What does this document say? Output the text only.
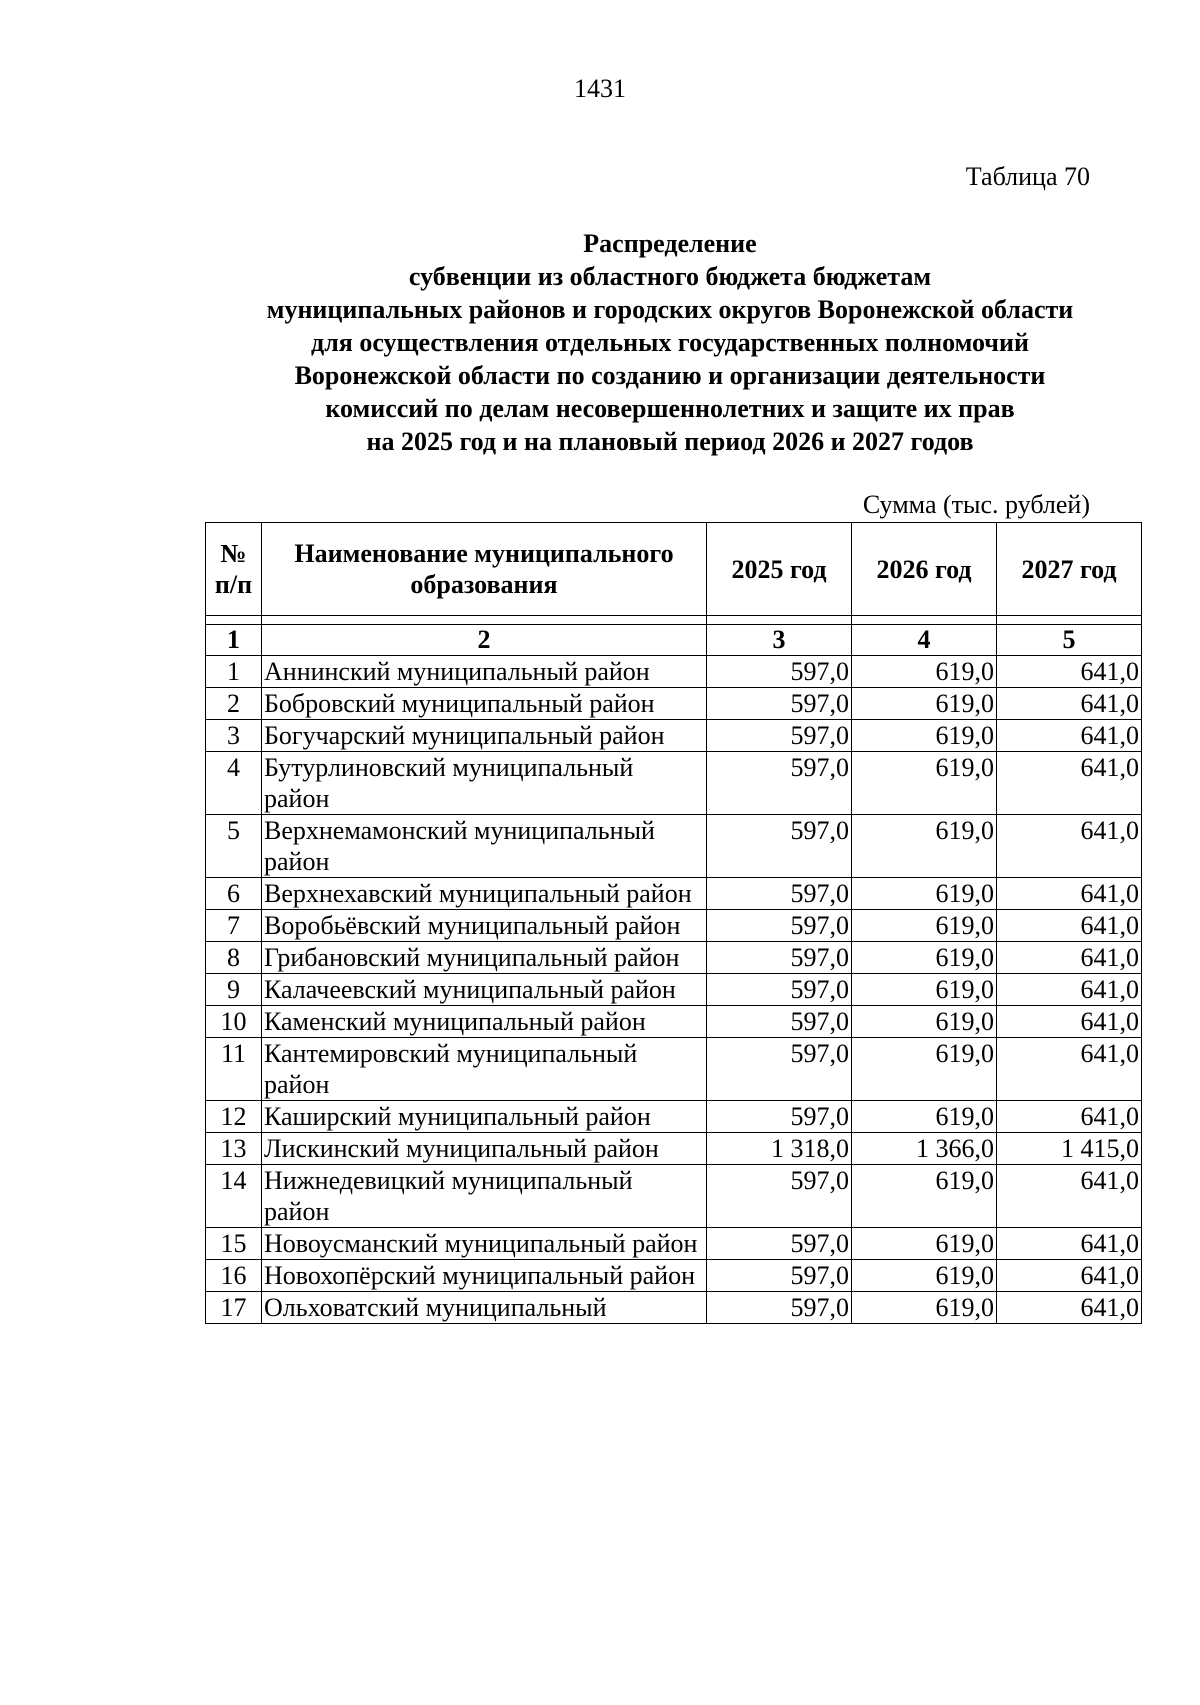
1431
Таблица 70
Распределение
субвенции из областного бюджета бюджетам
муниципальных районов и городских округов Воронежской области
для осуществления отдельных государственных полномочий
Воронежской области по созданию и организации деятельности
комиссий по делам несовершеннолетних и защите их прав
на 2025 год и на плановый период 2026 и 2027 годов
Сумма (тыс. рублей)
№
п/п	Наименование муниципального образования	2025 год	2026 год	2027 год

1	2	3	4	5
1	Аннинский муниципальный район	597,0	619,0	641,0
2	Бобровский муниципальный район	597,0	619,0	641,0
3	Богучарский муниципальный район	597,0	619,0	641,0
4	Бутурлиновский муниципальный район	597,0	619,0	641,0
5	Верхнемамонский муниципальный район	597,0	619,0	641,0
6	Верхнехавский муниципальный район	597,0	619,0	641,0
7	Воробьёвский муниципальный район	597,0	619,0	641,0
8	Грибановский муниципальный район	597,0	619,0	641,0
9	Калачеевский муниципальный район	597,0	619,0	641,0
10	Каменский муниципальный район	597,0	619,0	641,0
11	Кантемировский муниципальный район	597,0	619,0	641,0
12	Каширский муниципальный район	597,0	619,0	641,0
13	Лискинский муниципальный район	1 318,0	1 366,0	1 415,0
14	Нижнедевицкий муниципальный район	597,0	619,0	641,0
15	Новоусманский муниципальный район	597,0	619,0	641,0
16	Новохопёрский муниципальный район	597,0	619,0	641,0
17	Ольховатский муниципальный	597,0	619,0	641,0
